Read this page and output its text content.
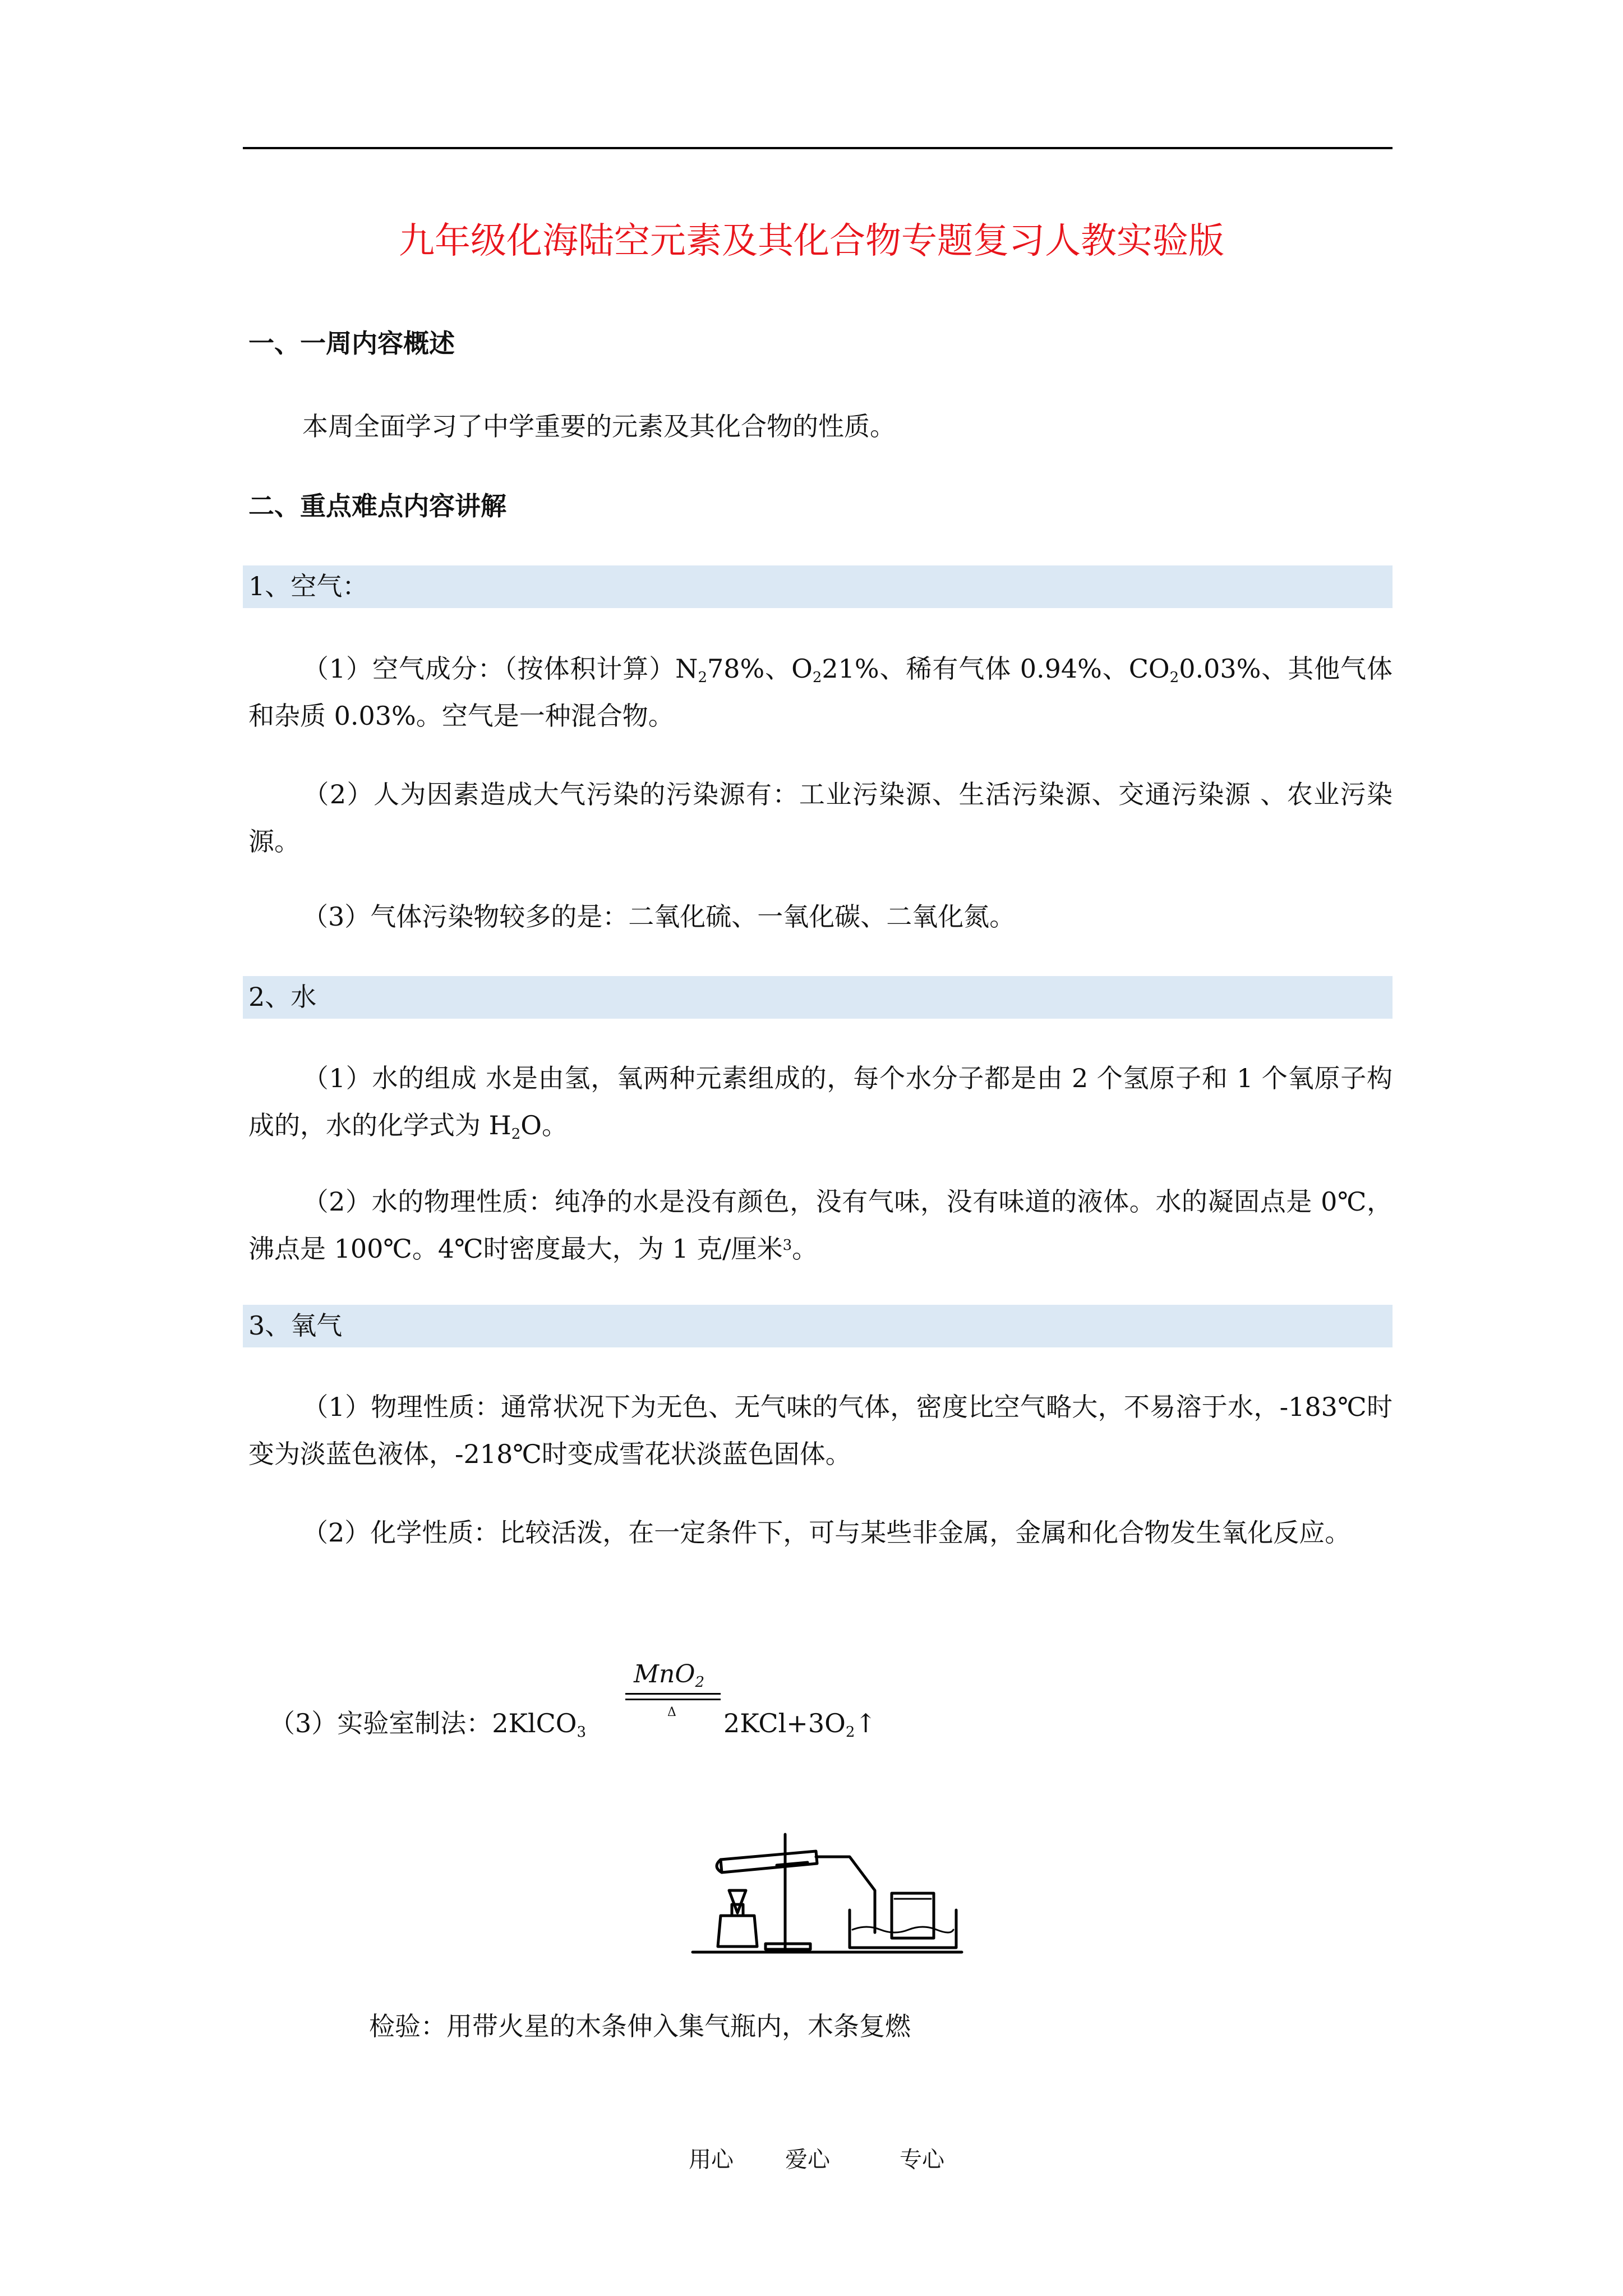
九年级化海陆空元素及其化合物专题复习人教实验版
一、一周内容概述
本周全面学习了中学重要的元素及其化合物的性质。
二、重点难点内容讲解
1、空气：
（1）空气成分：（按体积计算）$N_278\%$、$O_221\%$、稀有气体 0.94%、$CO_20.03\%$、其他气体和杂质 0.03%。空气是一种混合物。
（2）人为因素造成大气污染的污染源有：工业污染源、生活污染源、交通污染源 、农业污染源。
（3）气体污染物较多的是：二氧化硫、一氧化碳、二氧化氮。
2、水
（1）水的组成 水是由氢，氧两种元素组成的，每个水分子都是由 2 个氢原子和 1 个氧原子构成的，水的化学式为 $H_2O$。
（2）水的物理性质：纯净的水是没有颜色，没有气味，没有味道的液体。水的凝固点是 0℃，沸点是 100℃。4℃时密度最大，为 1 克/厘米$^3$。
3、氧气
（1）物理性质：通常状况下为无色、无气味的气体，密度比空气略大，不易溶于水，-183℃时变为淡蓝色液体，-218℃时变成雪花状淡蓝色固体。
（2）化学性质：比较活泼，在一定条件下，可与某些非金属，金属和化合物发生氧化反应。
（3）实验室制法：2KlCO$_3$
MnO$_2$
Δ $2KCl+3O_2↑$
检验：用带火星的木条伸入集气瓶内，木条复燃
用心 爱心	专心
